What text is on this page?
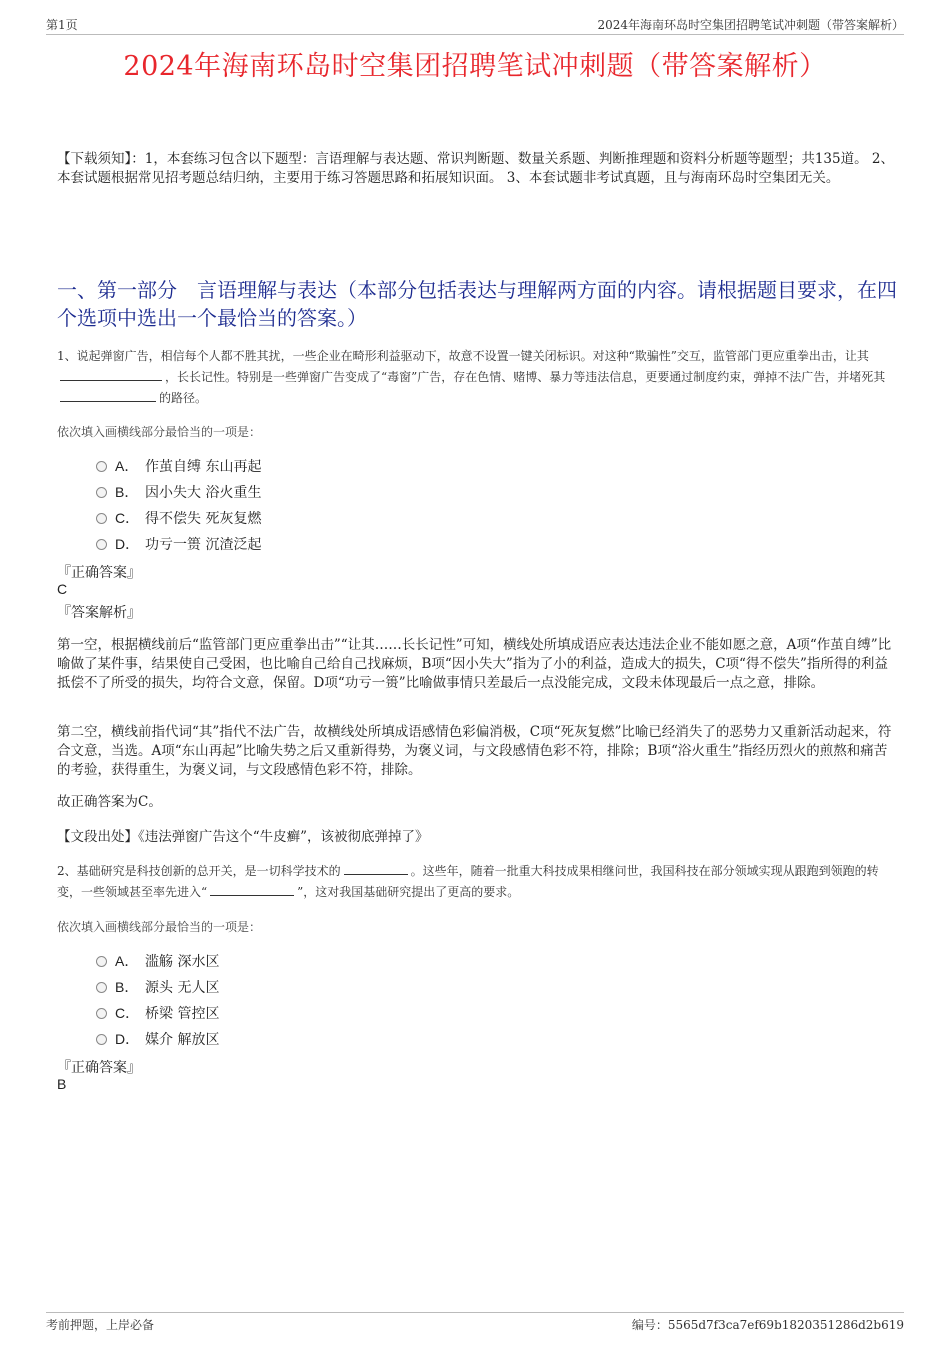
第1页	2024年海南环岛时空集团招聘笔试冲刺题（带答案解析）
2024年海南环岛时空集团招聘笔试冲刺题（带答案解析）
【下载须知】：1，本套练习包含以下题型：言语理解与表达题、常识判断题、数量关系题、判断推理题和资料分析题等题型；共135道。 2、本套试题根据常见招考题总结归纳，主要用于练习答题思路和拓展知识面。 3、本套试题非考试真题，且与海南环岛时空集团无关。
一、第一部分　言语理解与表达（本部分包括表达与理解两方面的内容。请根据题目要求，在四个选项中选出一个最恰当的答案。）
1、说起弹窗广告，相信每个人都不胜其扰，一些企业在畸形利益驱动下，故意不设置一键关闭标识。对这种“欺骗性”交互，监管部门更应重拳出击，让其，长长记性。特别是一些弹窗广告变成了“毒窗”广告，存在色情、赌博、暴力等违法信息，更要通过制度约束，弹掉不法广告，并堵死其的路径。
依次填入画横线部分最恰当的一项是：
A． 作茧自缚 东山再起
B． 因小失大 浴火重生
C． 得不偿失 死灰复燃
D． 功亏一篑 沉渣泛起
『正确答案』
C
『答案解析』
第一空，根据横线前后“监管部门更应重拳出击”“让其……长长记性”可知，横线处所填成语应表达违法企业不能如愿之意，A项“作茧自缚”比喻做了某件事，结果使自己受困，也比喻自己给自己找麻烦，B项“因小失大”指为了小的利益，造成大的损失，C项“得不偿失”指所得的利益抵偿不了所受的损失，均符合文意，保留。D项“功亏一篑”比喻做事情只差最后一点没能完成，文段未体现最后一点之意，排除。
第二空，横线前指代词“其”指代不法广告，故横线处所填成语感情色彩偏消极，C项“死灰复燃”比喻已经消失了的恶势力又重新活动起来，符合文意，当选。A项“东山再起”比喻失势之后又重新得势，为褒义词，与文段感情色彩不符，排除；B项“浴火重生”指经历烈火的煎熬和痛苦的考验，获得重生，为褒义词，与文段感情色彩不符，排除。
故正确答案为C。
【文段出处】《违法弹窗广告这个“牛皮癣”，该被彻底弹掉了》
2、基础研究是科技创新的总开关，是一切科学技术的	。这些年，随着一批重大科技成果相继问世，我国科技在部分领域实现从跟跑到领跑的转变，一些领域甚至率先进入“	”，这对我国基础研究提出了更高的要求。
依次填入画横线部分最恰当的一项是：
A． 滥觞 深水区
B． 源头 无人区
C． 桥梁 管控区
D． 媒介 解放区
『正确答案』
B
考前押题，上岸必备	编号：5565d7f3ca7ef69b1820351286d2b619
